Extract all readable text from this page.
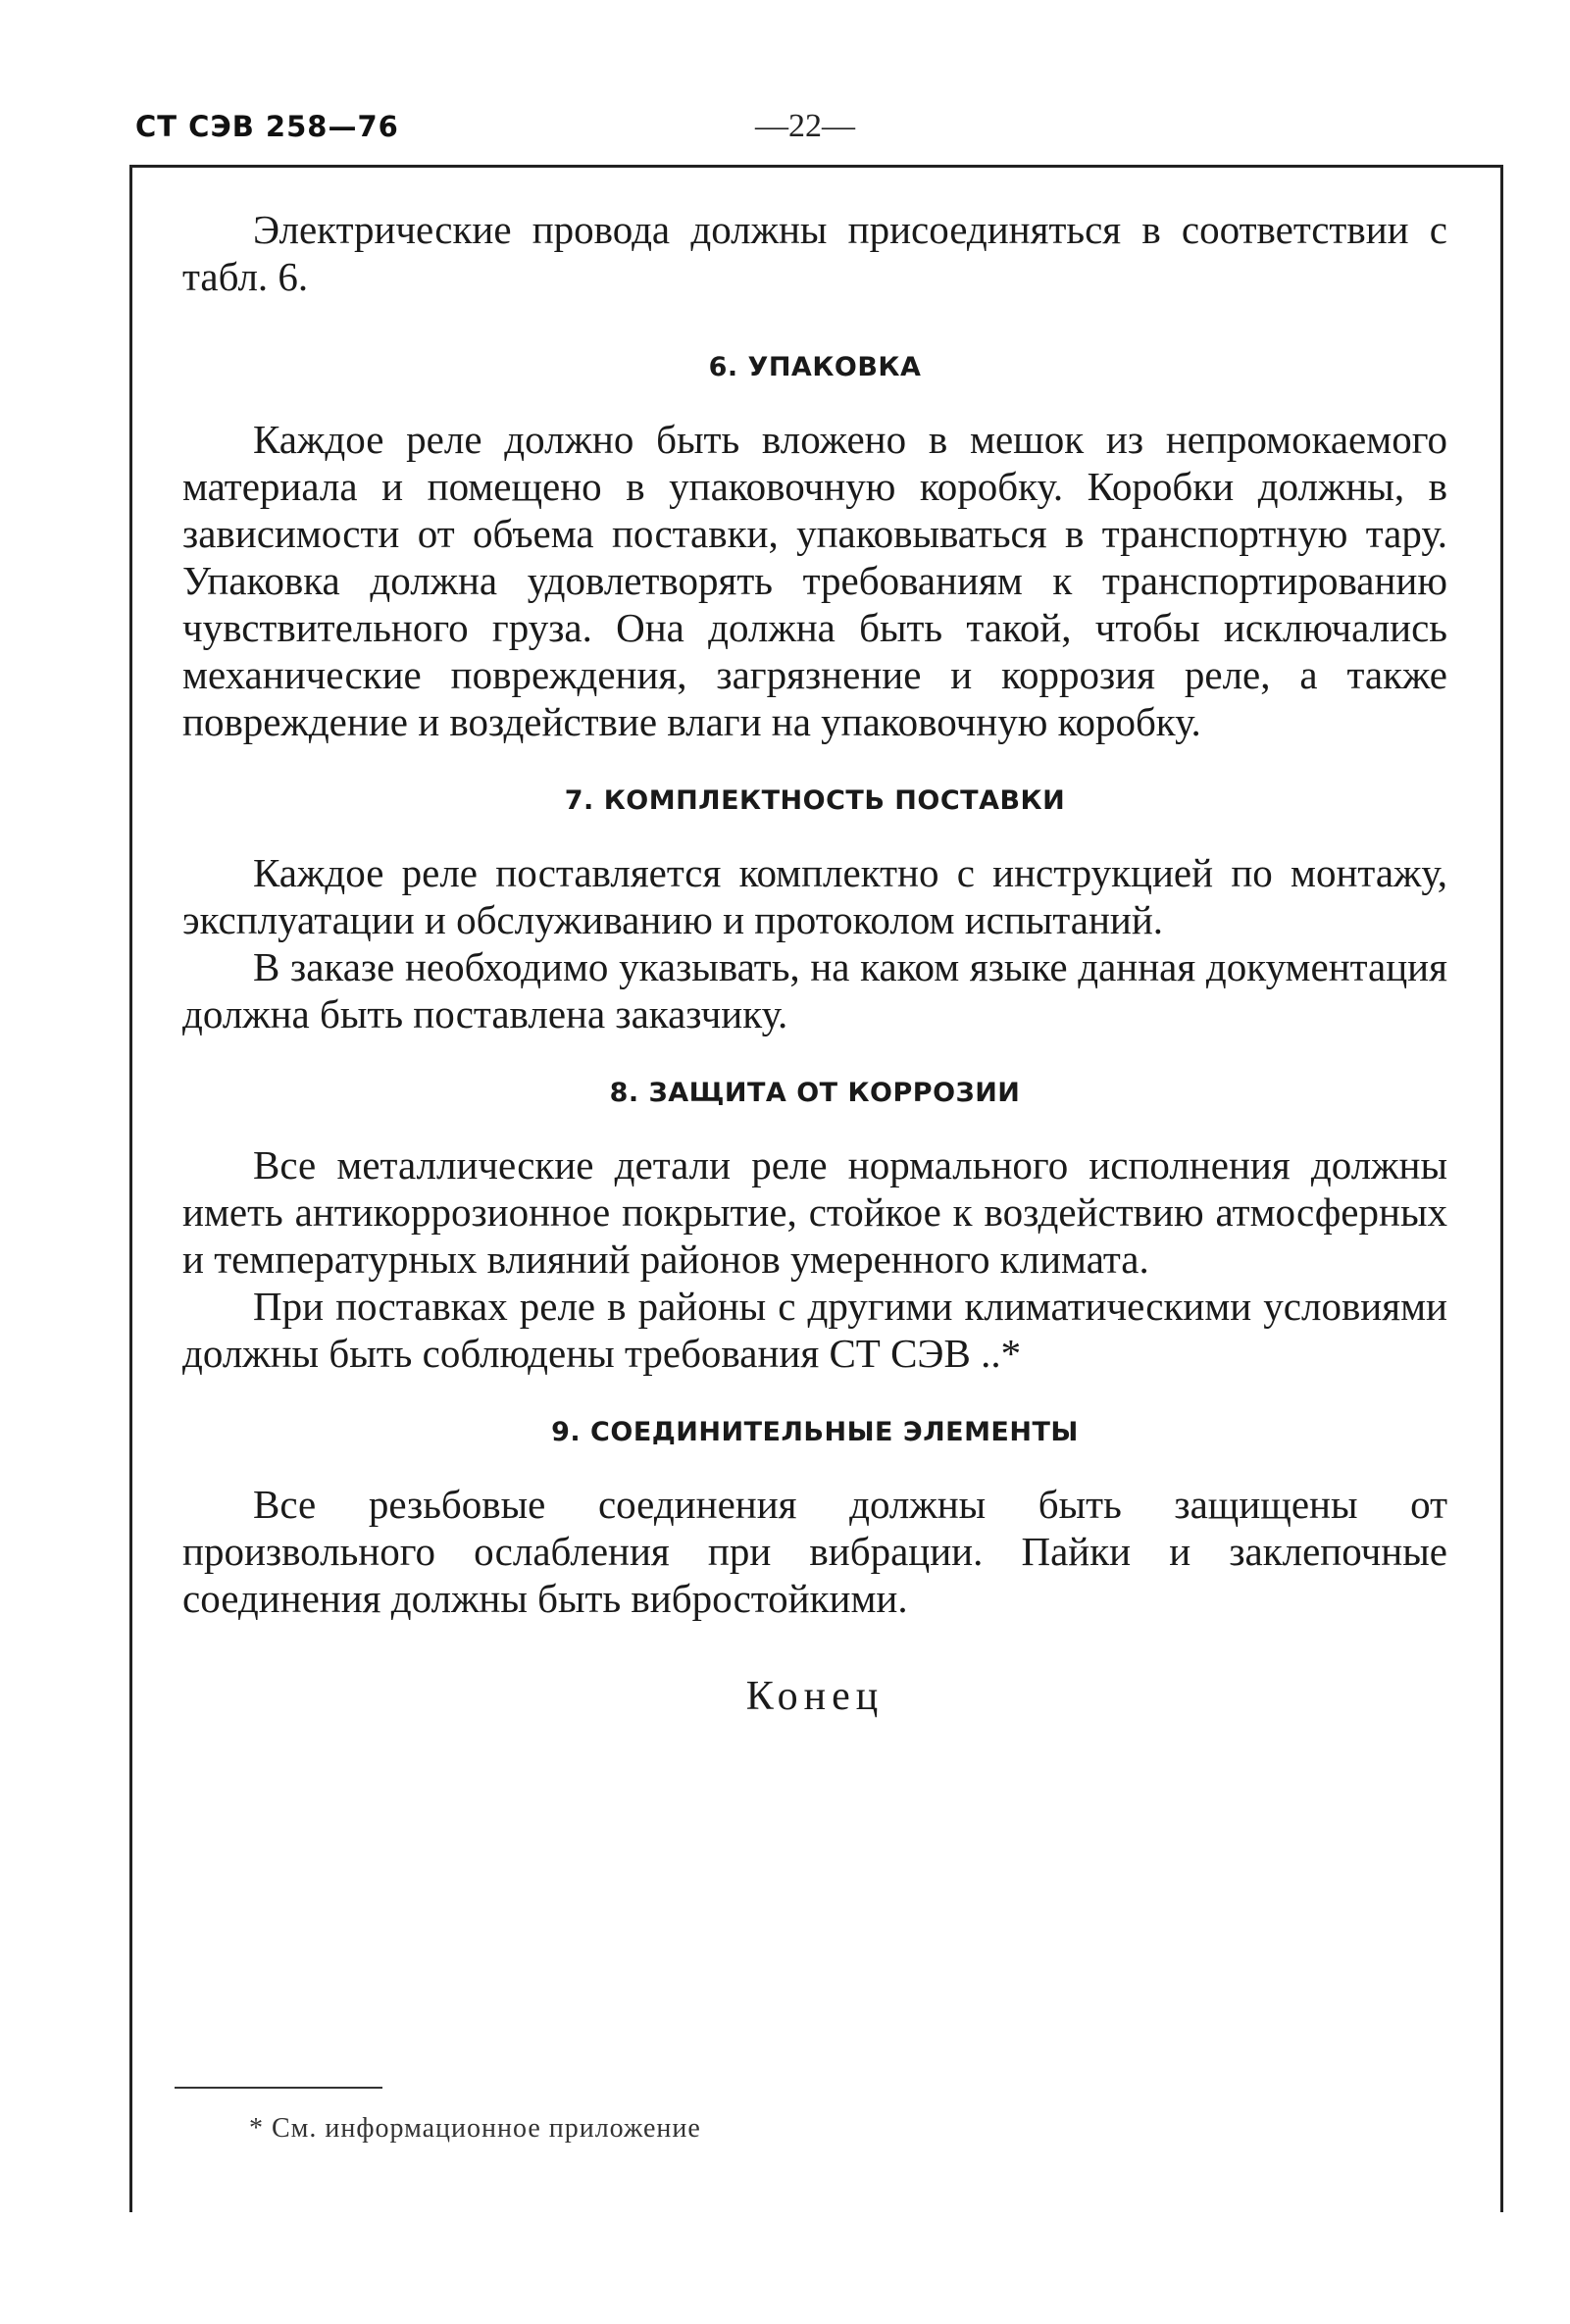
СТ СЭВ 258—76	—22—

Электрические провода должны присоединяться в соответствии с табл. 6.

6. УПАКОВКА

Каждое реле должно быть вложено в мешок из непромокаемого материала и помещено в упаковочную коробку. Коробки должны, в зависимости от объема поставки, упаковываться в транспортную тару. Упаковка должна удовлетворять требованиям к транспортированию чувствительного груза. Она должна быть такой, чтобы исключались механические повреждения, загрязнение и коррозия реле, а также повреждение и воздействие влаги на упаковочную коробку.

7. КОМПЛЕКТНОСТЬ ПОСТАВКИ

Каждое реле поставляется комплектно с инструкцией по монтажу, эксплуатации и обслуживанию и протоколом испытаний.

В заказе необходимо указывать, на каком языке данная документация должна быть поставлена заказчику.

8. ЗАЩИТА ОТ КОРРОЗИИ

Все металлические детали реле нормального исполнения должны иметь антикоррозионное покрытие, стойкое к воздействию атмосферных и температурных влияний районов умеренного климата.

При поставках реле в районы с другими климатическими условиями должны быть соблюдены требования СТ СЭВ ..*

9. СОЕДИНИТЕЛЬНЫЕ ЭЛЕМЕНТЫ

Все резьбовые соединения должны быть защищены от произвольного ослабления при вибрации. Пайки и заклепочные соединения должны быть вибростойкими.

Конец
* См. информационное приложение
